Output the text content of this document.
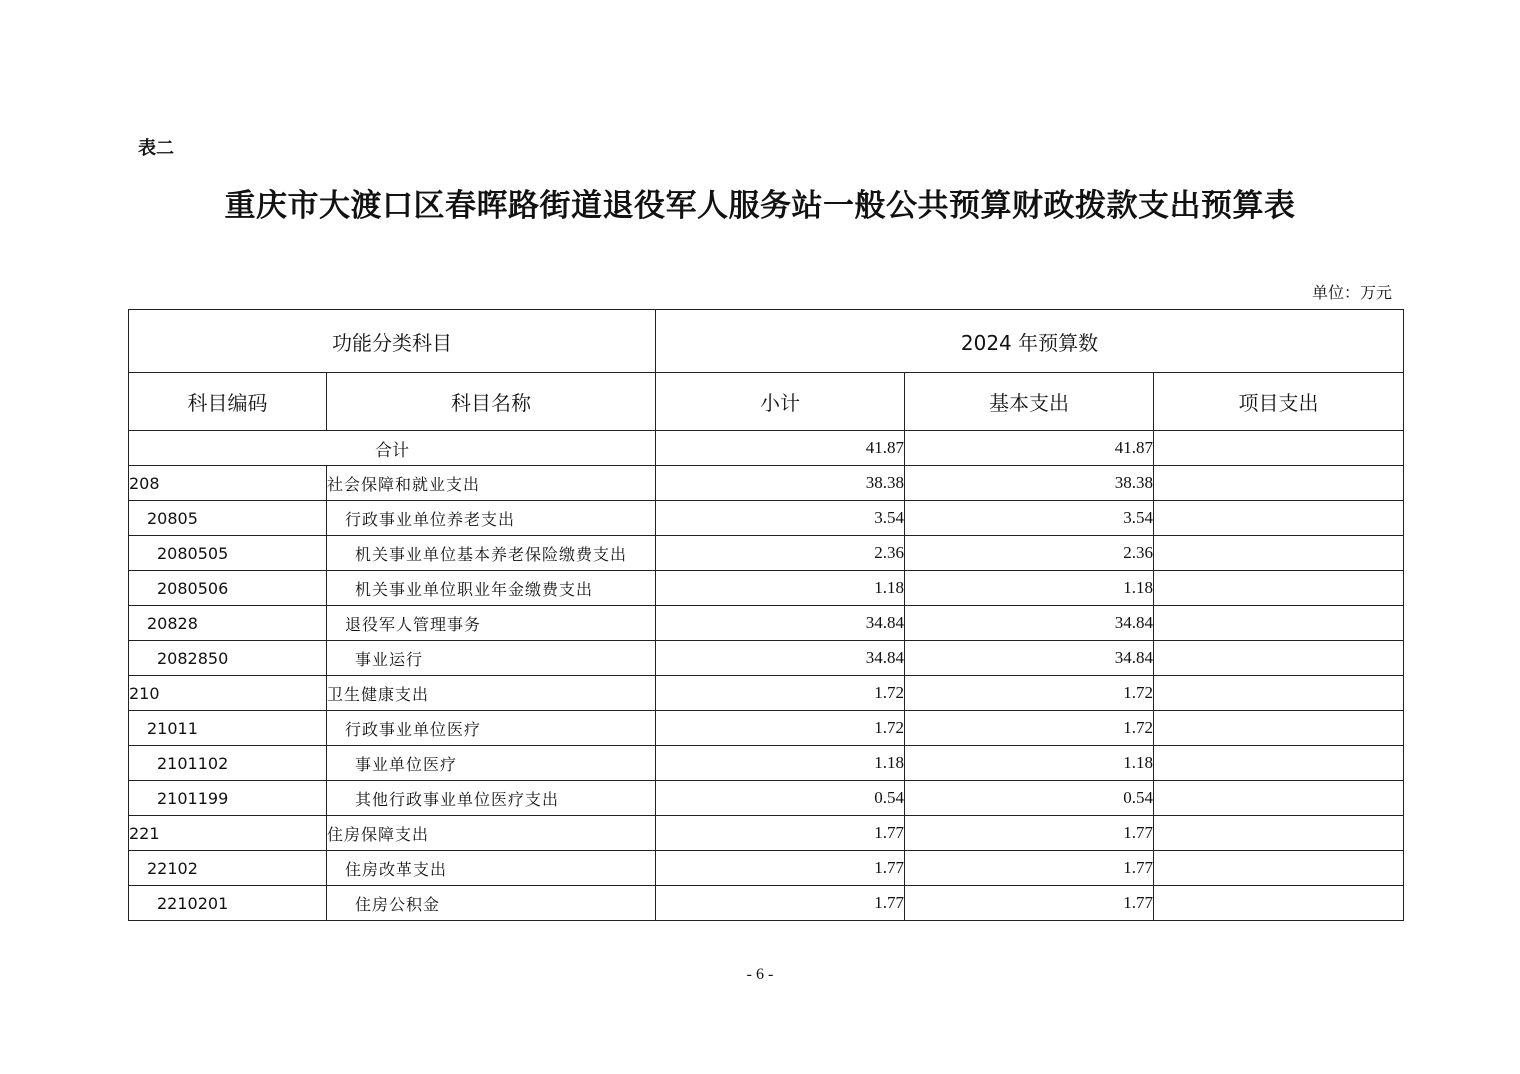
表二
重庆市大渡口区春晖路街道退役军人服务站一般公共预算财政拨款支出预算表
单位：万元
功能分类科目		2024 年预算数		
科目编码	科目名称	小计	基本支出	项目支出
合计		41.87	41.87	
208	社会保障和就业支出	38.38	38.38	
20805	行政事业单位养老支出	3.54	3.54	
2080505	机关事业单位基本养老保险缴费支出	2.36	2.36	
2080506	机关事业单位职业年金缴费支出	1.18	1.18	
20828	退役军人管理事务	34.84	34.84	
2082850	事业运行	34.84	34.84	
210	卫生健康支出	1.72	1.72	
21011	行政事业单位医疗	1.72	1.72	
2101102	事业单位医疗	1.18	1.18	
2101199	其他行政事业单位医疗支出	0.54	0.54	
221	住房保障支出	1.77	1.77	
22102	住房改革支出	1.77	1.77	
2210201	住房公积金	1.77	1.77	
- 6 -
